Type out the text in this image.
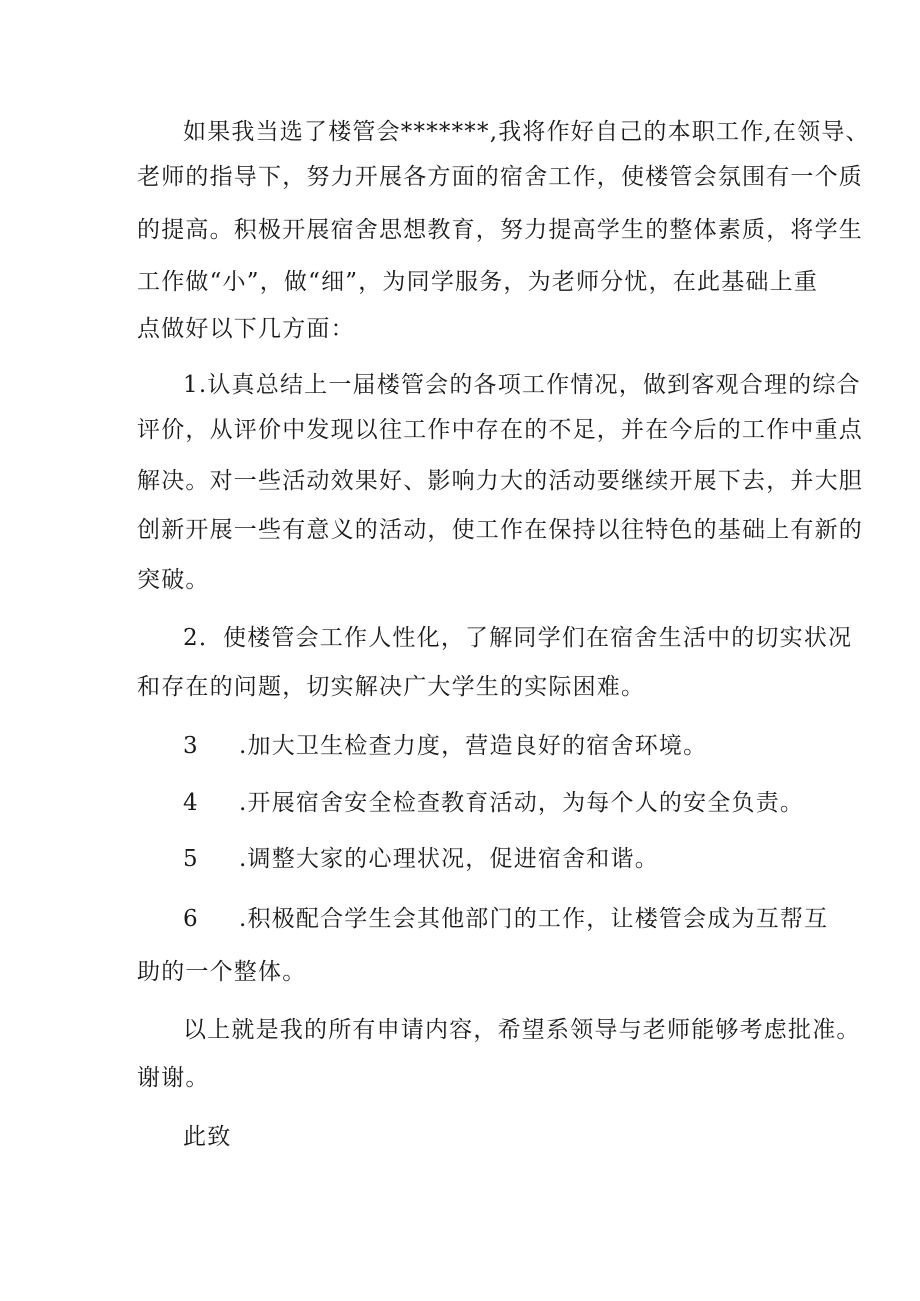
如果我当选了楼管会*******,我将作好自己的本职工作,在领导、
老师的指导下，努力开展各方面的宿舍工作，使楼管会氛围有一个质
的提高。积极开展宿舍思想教育，努力提高学生的整体素质，将学生
工作做“小”，做“细”，为同学服务，为老师分忧，在此基础上重
点做好以下几方面：
1.认真总结上一届楼管会的各项工作情况，做到客观合理的综合
评价，从评价中发现以往工作中存在的不足，并在今后的工作中重点
解决。对一些活动效果好、影响力大的活动要继续开展下去，并大胆
创新开展一些有意义的活动，使工作在保持以往特色的基础上有新的
突破。
2．使楼管会工作人性化，了解同学们在宿舍生活中的切实状况
和存在的问题，切实解决广大学生的实际困难。
3 .加大卫生检查力度，营造良好的宿舍环境。
4 .开展宿舍安全检查教育活动，为每个人的安全负责。
5 .调整大家的心理状况，促进宿舍和谐。
6 .积极配合学生会其他部门的工作，让楼管会成为互帮互
助的一个整体。
以上就是我的所有申请内容，希望系领导与老师能够考虑批准。
谢谢。
此致
